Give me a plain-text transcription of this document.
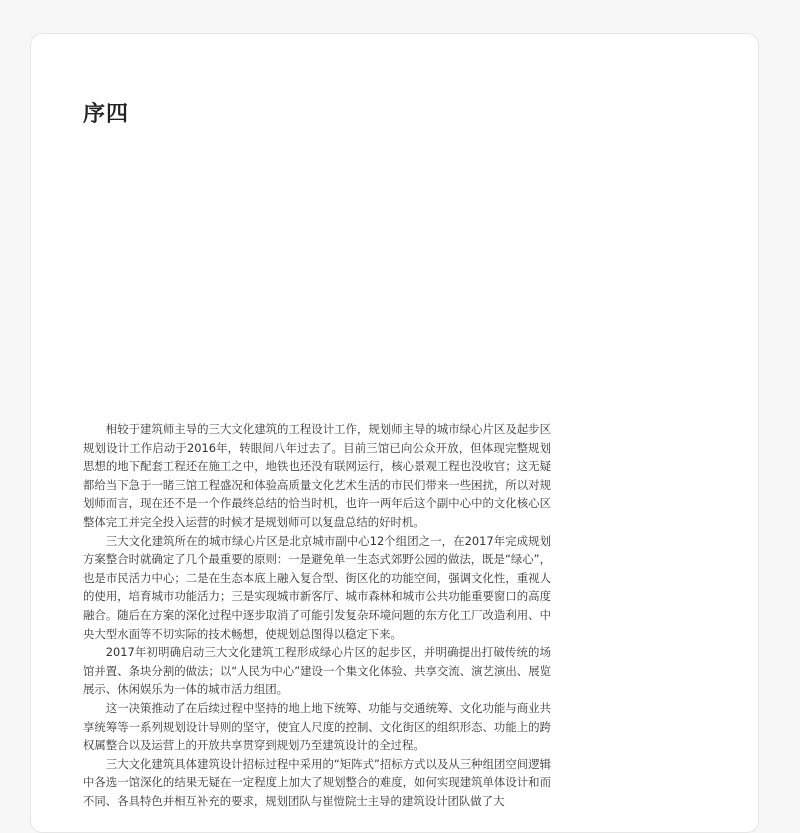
序四

相较于建筑师主导的三大文化建筑的工程设计工作，规划师主导的城市绿心片区及起步区规划设计工作启动于2016年，转眼间八年过去了。目前三馆已向公众开放，但体现完整规划思想的地下配套工程还在施工之中，地铁也还没有联网运行，核心景观工程也没收官；这无疑都给当下急于一睹三馆工程盛况和体验高质量文化艺术生活的市民们带来一些困扰，所以对规划师而言，现在还不是一个作最终总结的恰当时机，也许一两年后这个副中心中的文化核心区整体完工并完全投入运营的时候才是规划师可以复盘总结的好时机。

三大文化建筑所在的城市绿心片区是北京城市副中心12个组团之一，在2017年完成规划方案整合时就确定了几个最重要的原则：一是避免单一生态式郊野公园的做法，既是“绿心”，也是市民活力中心；二是在生态本底上融入复合型、街区化的功能空间，强调文化性，重视人的使用，培育城市功能活力；三是实现城市新客厅、城市森林和城市公共功能重要窗口的高度融合。随后在方案的深化过程中逐步取消了可能引发复杂环境问题的东方化工厂改造利用、中央大型水面等不切实际的技术畅想，使规划总图得以稳定下来。

2017年初明确启动三大文化建筑工程形成绿心片区的起步区，并明确提出打破传统的场馆并置、条块分割的做法；以“人民为中心”建设一个集文化体验、共享交流、演艺演出、展览展示、休闲娱乐为一体的城市活力组团。

这一决策推动了在后续过程中坚持的地上地下统筹、功能与交通统筹、文化功能与商业共享统筹等一系列规划设计导则的坚守，使宜人尺度的控制、文化街区的组织形态、功能上的跨权属整合以及运营上的开放共享贯穿到规划乃至建筑设计的全过程。

三大文化建筑具体建筑设计招标过程中采用的“矩阵式”招标方式以及从三种组团空间逻辑中各选一馆深化的结果无疑在一定程度上加大了规划整合的难度，如何实现建筑单体设计和而不同、各具特色并相互补充的要求，规划团队与崔愷院士主导的建筑设计团队做了大
